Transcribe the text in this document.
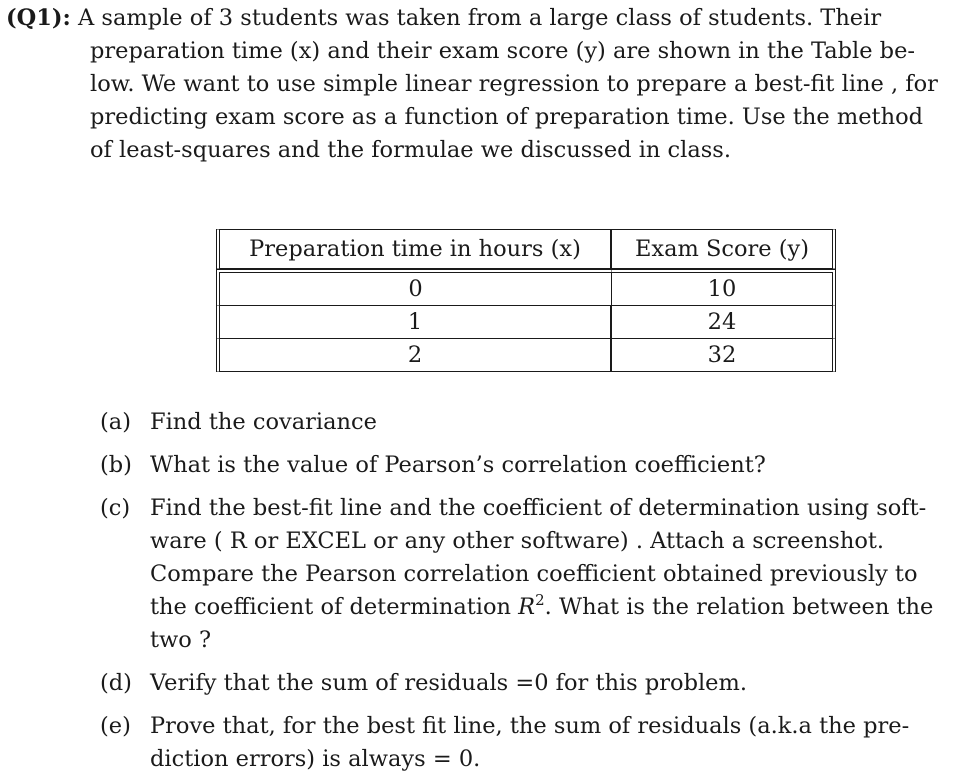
(Q1): A sample of 3 students was taken from a large class of students. Their
preparation time (x) and their exam score (y) are shown in the Table be-
low. We want to use simple linear regression to prepare a best-fit line , for
predicting exam score as a function of preparation time. Use the method
of least-squares and the formulae we discussed in class.
Preparation time in hours (x)	Exam Score (y)
0	10
1	24
2	32
(a) Find the covariance
(b) What is the value of Pearson’s correlation coefficient?
(c) Find the best-fit line and the coefficient of determination using soft-
ware ( R or EXCEL or any other software) . Attach a screenshot.
Compare the Pearson correlation coefficient obtained previously to
the coefficient of determination $R^2$. What is the relation between the
two ?
(d) Verify that the sum of residuals =0 for this problem.
(e) Prove that, for the best fit line, the sum of residuals (a.k.a the pre-
diction errors) is always = 0.
